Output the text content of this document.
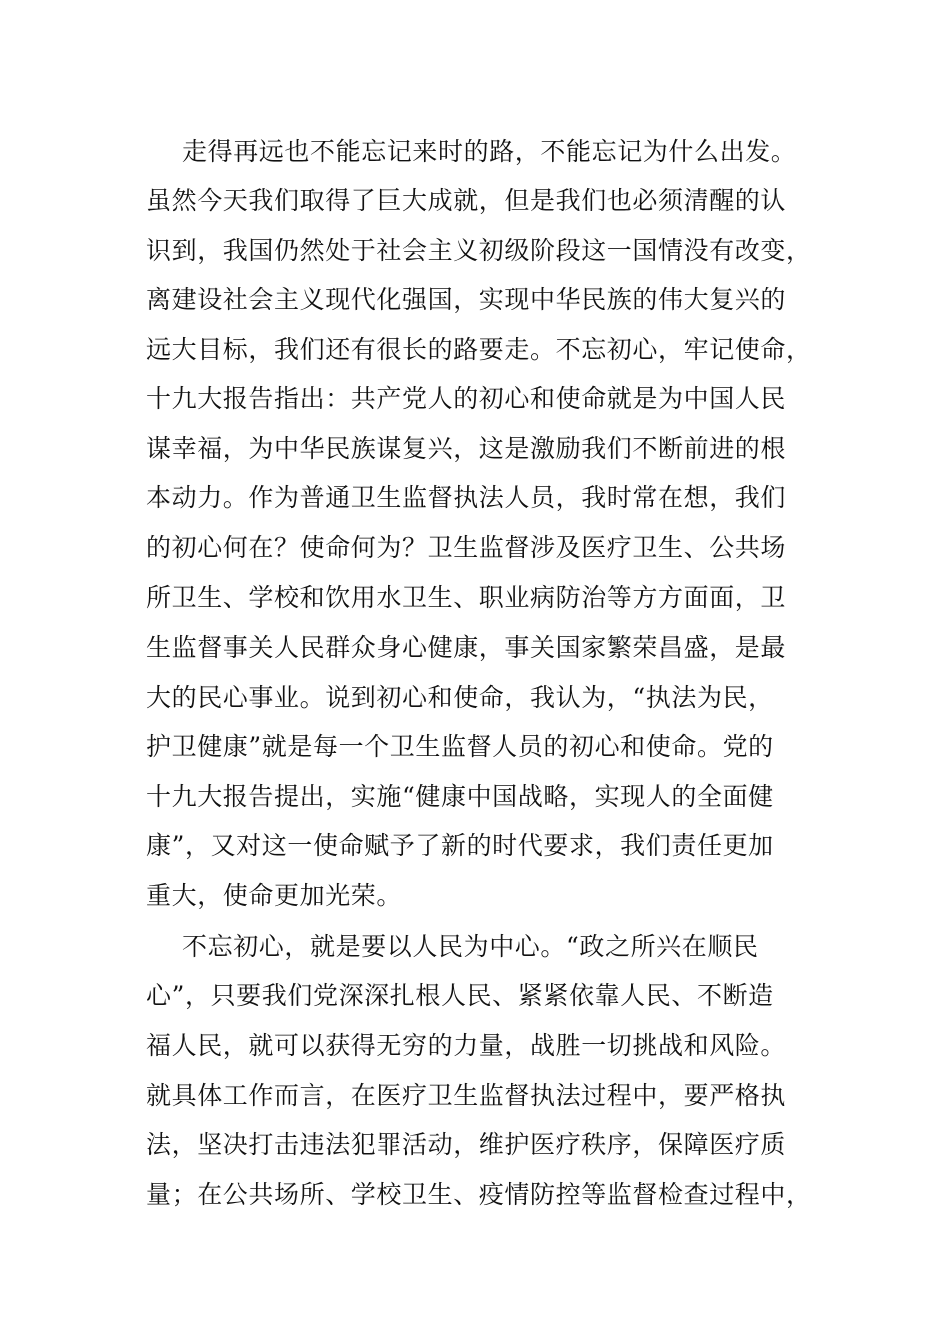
走得再远也不能忘记来时的路，不能忘记为什么出发。
虽然今天我们取得了巨大成就，但是我们也必须清醒的认
识到，我国仍然处于社会主义初级阶段这一国情没有改变，
离建设社会主义现代化强国，实现中华民族的伟大复兴的
远大目标，我们还有很长的路要走。不忘初心，牢记使命，
十九大报告指出：共产党人的初心和使命就是为中国人民
谋幸福，为中华民族谋复兴，这是激励我们不断前进的根
本动力。作为普通卫生监督执法人员，我时常在想，我们
的初心何在？使命何为？卫生监督涉及医疗卫生、公共场
所卫生、学校和饮用水卫生、职业病防治等方方面面，卫
生监督事关人民群众身心健康，事关国家繁荣昌盛，是最
大的民心事业。说到初心和使命，我认为，“执法为民，
护卫健康”就是每一个卫生监督人员的初心和使命。党的
十九大报告提出，实施“健康中国战略，实现人的全面健
康”，又对这一使命赋予了新的时代要求，我们责任更加
重大，使命更加光荣。
不忘初心，就是要以人民为中心。“政之所兴在顺民
心”，只要我们党深深扎根人民、紧紧依靠人民、不断造
福人民，就可以获得无穷的力量，战胜一切挑战和风险。
就具体工作而言，在医疗卫生监督执法过程中，要严格执
法，坚决打击违法犯罪活动，维护医疗秩序，保障医疗质
量；在公共场所、学校卫生、疫情防控等监督检查过程中，
